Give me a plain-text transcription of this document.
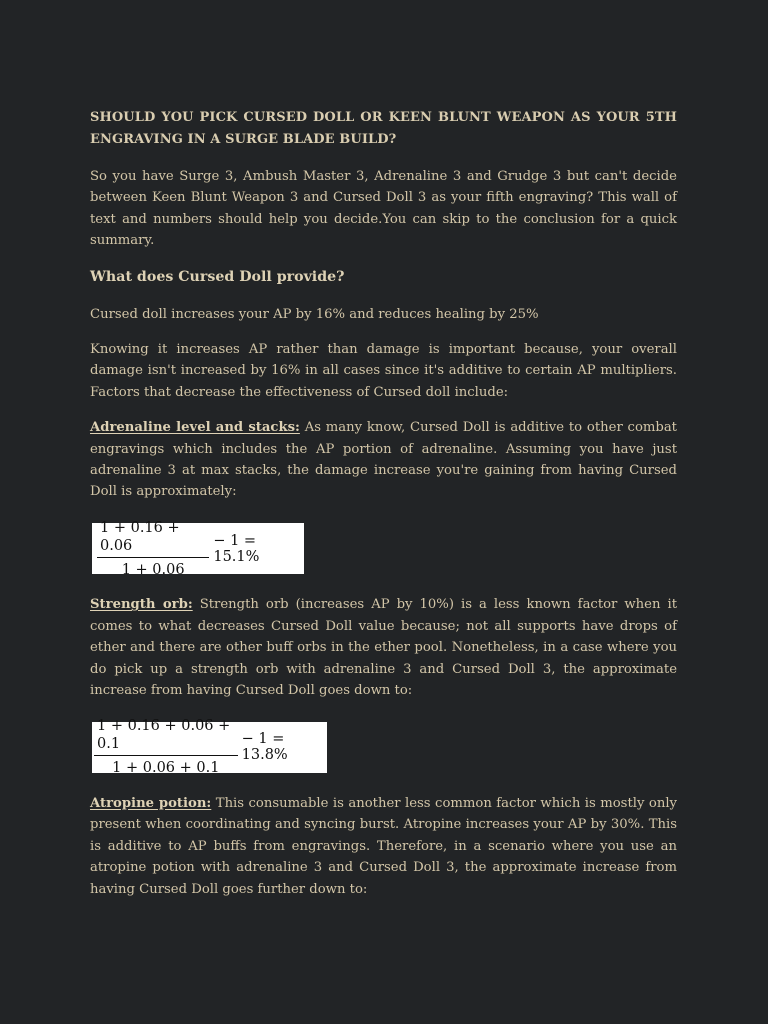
SHOULD YOU PICK CURSED DOLL OR KEEN BLUNT WEAPON AS YOUR 5TH
ENGRAVING IN A SURGE BLADE BUILD?

So you have Surge 3, Ambush Master 3, Adrenaline 3 and Grudge 3 but can't decide between Keen Blunt Weapon 3 and Cursed Doll 3 as your fifth engraving? This wall of text and numbers should help you decide.You can skip to the conclusion for a quick summary.

What does Cursed Doll provide?

Cursed doll increases your AP by 16% and reduces healing by 25%

Knowing it increases AP rather than damage is important because, your overall damage isn't increased by 16% in all cases since it's additive to certain AP multipliers. Factors that decrease the effectiveness of Cursed doll include:

Adrenaline level and stacks: As many know, Cursed Doll is additive to other combat engravings which includes the AP portion of adrenaline. Assuming you have just adrenaline 3 at max stacks, the damage increase you're gaining from having Cursed Doll is approximately:

$\frac{1 + 0.16 + 0.06}{1 + 0.06} - 1 = 15.1\%$

Strength orb: Strength orb (increases AP by 10%) is a less known factor when it comes to what decreases Cursed Doll value because; not all supports have drops of ether and there are other buff orbs in the ether pool. Nonetheless, in a case where you do pick up a strength orb with adrenaline 3 and Cursed Doll 3, the approximate increase from having Cursed Doll goes down to:

$\frac{1 + 0.16 + 0.06 + 0.1}{1 + 0.06 + 0.1} - 1 = 13.8\%$

Atropine potion: This consumable is another less common factor which is mostly only present when coordinating and syncing burst. Atropine increases your AP by 30%. This is additive to AP buffs from engravings. Therefore, in a scenario where you use an atropine potion with adrenaline 3 and Cursed Doll 3, the approximate increase from having Cursed Doll goes further down to:
